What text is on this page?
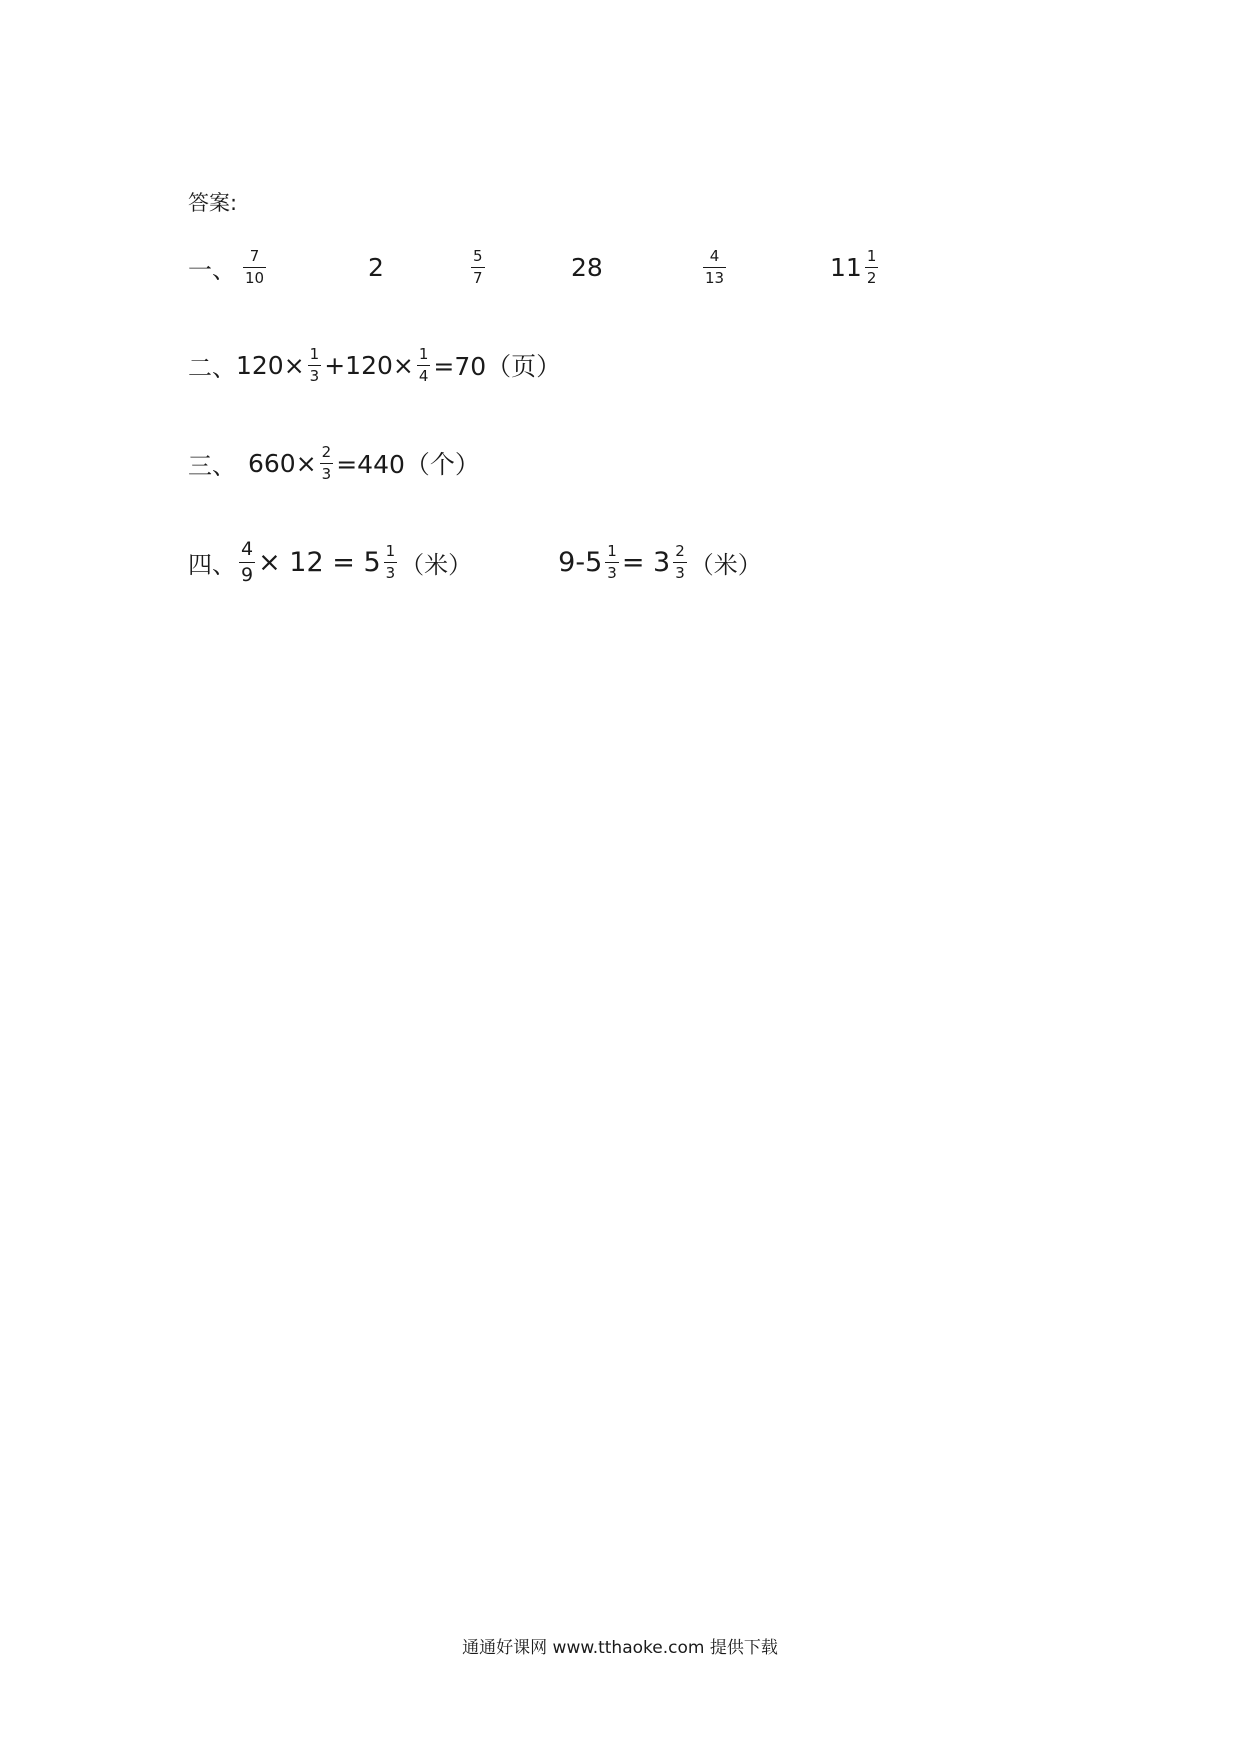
答案:
一、 $\frac{7}{10}$	2	$\frac{5}{7}$	28	$\frac{4}{13}$	$11 \frac{1}{2}$
二、 $120\times \frac{1}{3} +120\times \frac{1}{4} =70$（页）
三、 $660\times \frac{2}{3} =440$（个）
四、 $\frac{4}{9} \times 12 = 5 \frac{1}{3}$ （米）	$9-5 \frac{1}{3} = 3 \frac{2}{3}$ （米）
通通好课网 www.tthaoke.com 提供下载
